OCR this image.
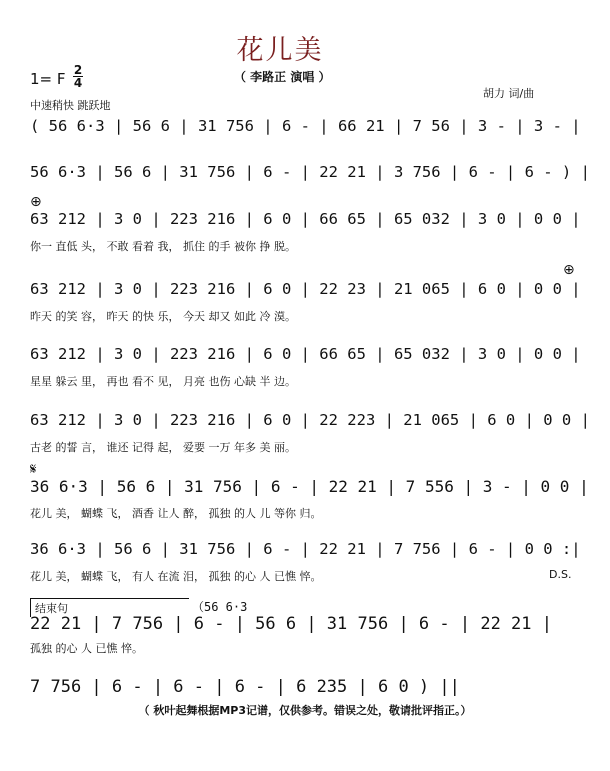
花儿美
（ 李路正 演唱 ）
1= F 2
4
中速稍快 跳跃地
胡力 词/曲
( 56 6·3 | 56 6 | 31 756 | 6 - | 66 21 | 7 56 | 3 - | 3 - |
56 6·3 | 56 6 | 31 756 | 6 - | 22 21 | 3 756 | 6 - | 6 - ) |
⊕
63 212 | 3 0 | 223 216 | 6 0 | 66 65 | 65 032 | 3 0 | 0 0 |
你一 直低 头， 不敢 看着 我， 抓住 的手 被你 挣 脱。
⊕
63 212 | 3 0 | 223 216 | 6 0 | 22 23 | 21 065 | 6 0 | 0 0 |
昨天 的笑 容， 昨天 的快 乐， 今天 却又 如此 冷 漠。
63 212 | 3 0 | 223 216 | 6 0 | 66 65 | 65 032 | 3 0 | 0 0 |
星星 躲云 里， 再也 看不 见， 月亮 也伤 心缺 半 边。
63 212 | 3 0 | 223 216 | 6 0 | 22 223 | 21 065 | 6 0 | 0 0 |
古老 的誓 言， 谁还 记得 起， 爱要 一万 年多 美 丽。
𝄋
36 6·3 | 56 6 | 31 756 | 6 - | 22 21 | 7 556 | 3 - | 0 0 |
花儿 美， 蝴蝶 飞， 酒香 让人 醉， 孤独 的人 儿 等你 归。
36 6·3 | 56 6 | 31 756 | 6 - | 22 21 | 7 756 | 6 - | 0 0 :|
花儿 美， 蝴蝶 飞， 有人 在流 泪， 孤独 的心 人 已憔 悴。	D.S.
结束句	（56 6·3
22 21 | 7 756 | 6 - | 56 6 | 31 756 | 6 - | 22 21 |
孤独 的心 人 已憔 悴。
7 756 | 6 - | 6 - | 6 - | 6 235 | 6 0 ) ||
（ 秋叶起舞根据MP3记谱，仅供参考。错误之处，敬请批评指正。）
